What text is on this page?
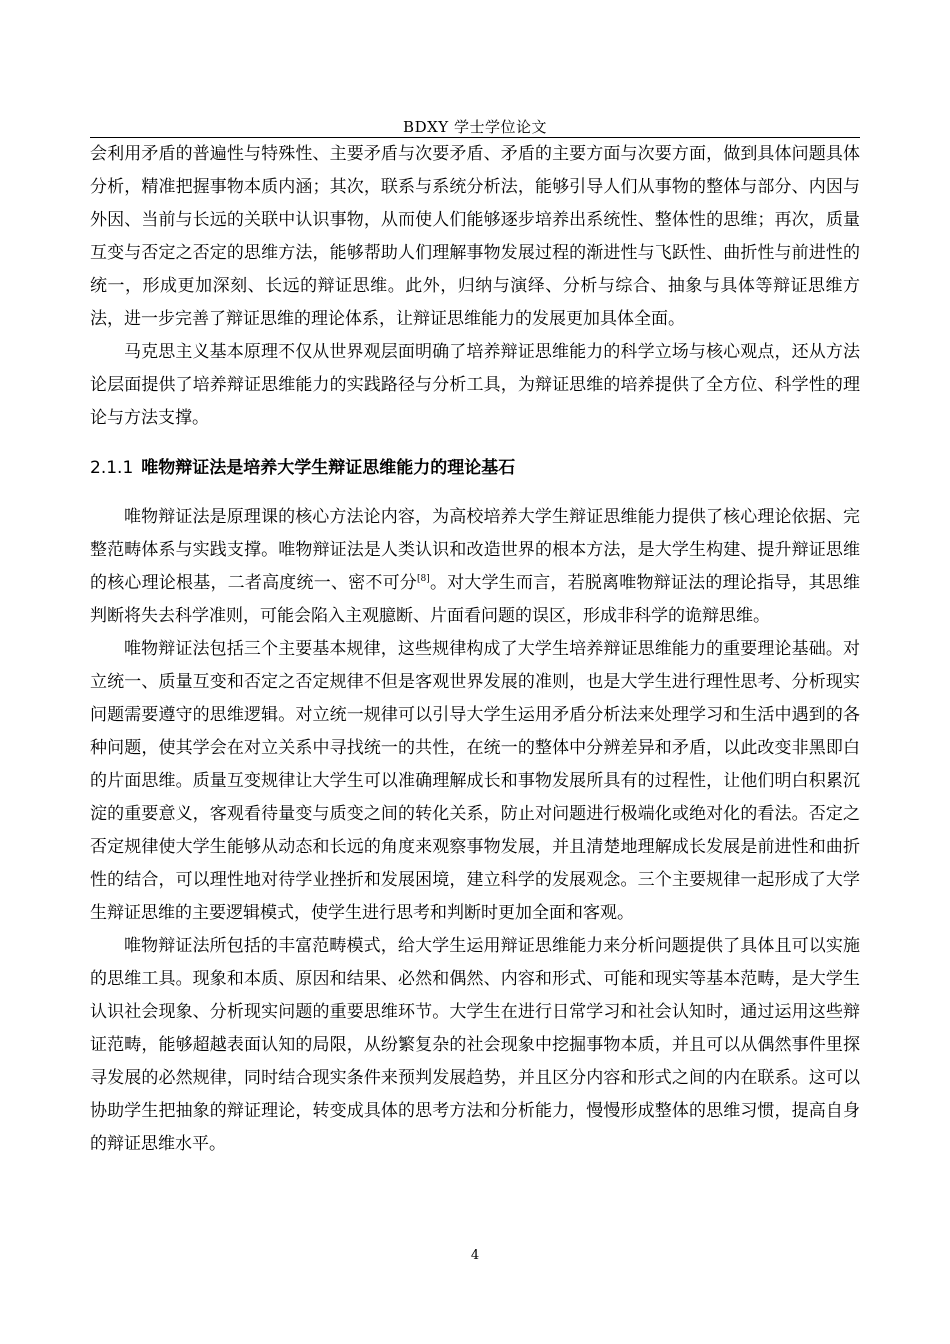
BDXY 学士学位论文

会利用矛盾的普遍性与特殊性、主要矛盾与次要矛盾、矛盾的主要方面与次要方面，做到具体问题具体分析，精准把握事物本质内涵；其次，联系与系统分析法，能够引导人们从事物的整体与部分、内因与外因、当前与长远的关联中认识事物，从而使人们能够逐步培养出系统性、整体性的思维；再次，质量互变与否定之否定的思维方法，能够帮助人们理解事物发展过程的渐进性与飞跃性、曲折性与前进性的统一，形成更加深刻、长远的辩证思维。此外，归纳与演绎、分析与综合、抽象与具体等辩证思维方法，进一步完善了辩证思维的理论体系，让辩证思维能力的发展更加具体全面。

马克思主义基本原理不仅从世界观层面明确了培养辩证思维能力的科学立场与核心观点，还从方法论层面提供了培养辩证思维能力的实践路径与分析工具，为辩证思维的培养提供了全方位、科学性的理论与方法支撑。

2.1.1 唯物辩证法是培养大学生辩证思维能力的理论基石

唯物辩证法是原理课的核心方法论内容，为高校培养大学生辩证思维能力提供了核心理论依据、完整范畴体系与实践支撑。唯物辩证法是人类认识和改造世界的根本方法，是大学生构建、提升辩证思维的核心理论根基，二者高度统一、密不可分[8]。对大学生而言，若脱离唯物辩证法的理论指导，其思维判断将失去科学准则，可能会陷入主观臆断、片面看问题的误区，形成非科学的诡辩思维。

唯物辩证法包括三个主要基本规律，这些规律构成了大学生培养辩证思维能力的重要理论基础。对立统一、质量互变和否定之否定规律不但是客观世界发展的准则，也是大学生进行理性思考、分析现实问题需要遵守的思维逻辑。对立统一规律可以引导大学生运用矛盾分析法来处理学习和生活中遇到的各种问题，使其学会在对立关系中寻找统一的共性，在统一的整体中分辨差异和矛盾，以此改变非黑即白的片面思维。质量互变规律让大学生可以准确理解成长和事物发展所具有的过程性，让他们明白积累沉淀的重要意义，客观看待量变与质变之间的转化关系，防止对问题进行极端化或绝对化的看法。否定之否定规律使大学生能够从动态和长远的角度来观察事物发展，并且清楚地理解成长发展是前进性和曲折性的结合，可以理性地对待学业挫折和发展困境，建立科学的发展观念。三个主要规律一起形成了大学生辩证思维的主要逻辑模式，使学生进行思考和判断时更加全面和客观。

唯物辩证法所包括的丰富范畴模式，给大学生运用辩证思维能力来分析问题提供了具体且可以实施的思维工具。现象和本质、原因和结果、必然和偶然、内容和形式、可能和现实等基本范畴，是大学生认识社会现象、分析现实问题的重要思维环节。大学生在进行日常学习和社会认知时，通过运用这些辩证范畴，能够超越表面认知的局限，从纷繁复杂的社会现象中挖掘事物本质，并且可以从偶然事件里探寻发展的必然规律，同时结合现实条件来预判发展趋势，并且区分内容和形式之间的内在联系。这可以协助学生把抽象的辩证理论，转变成具体的思考方法和分析能力，慢慢形成整体的思维习惯，提高自身的辩证思维水平。

4
